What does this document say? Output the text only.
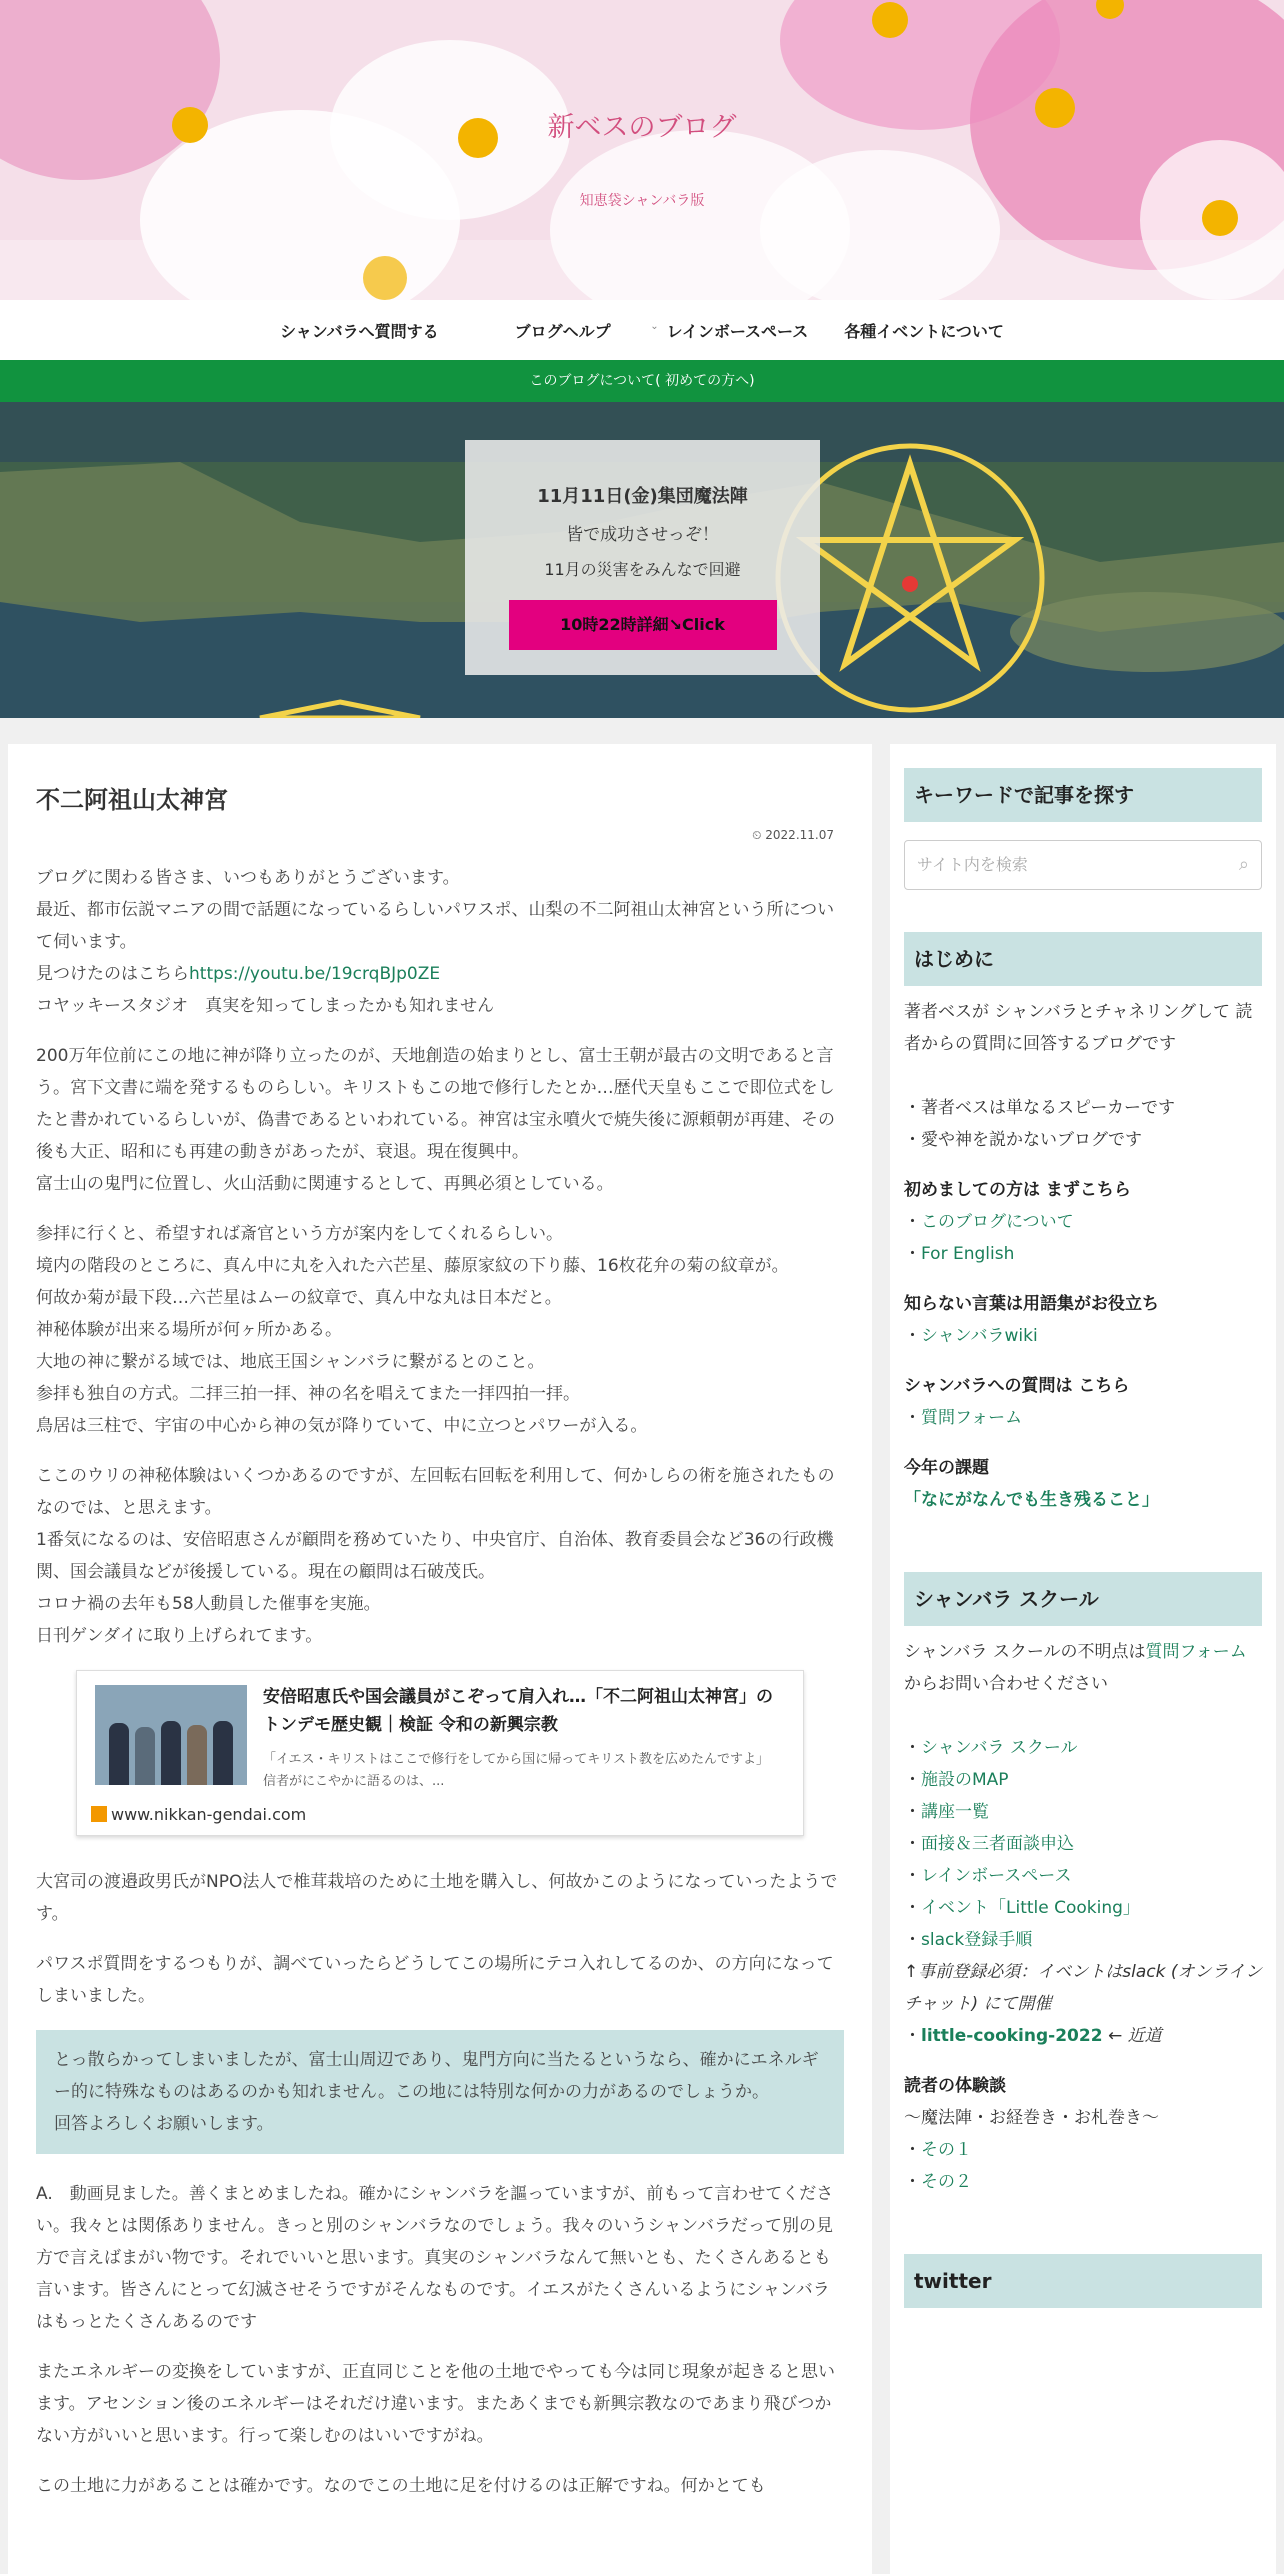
新ベスのブログ
知恵袋シャンバラ版
シャンバラへ質問する	ブログヘルプ	⌄ レインボースペース	各種イベントについて
このブログについて( 初めての方へ)
11月11日(金)集団魔法陣
皆で成功させっぞ！
11月の災害をみんなで回避
10時22時詳細↘Click
不二阿祖山太神宮
⏲ 2022.11.07

ブログに関わる皆さま、いつもありがとうございます。
最近、都市伝説マニアの間で話題になっているらしいパワスポ、山梨の不二阿祖山太神宮という所について伺います。
見つけたのはこちらhttps://youtu.be/19crqBJp0ZE
コヤッキースタジオ　真実を知ってしまったかも知れません

200万年位前にこの地に神が降り立ったのが、天地創造の始まりとし、富士王朝が最古の文明であると言う。宮下文書に端を発するものらしい。キリストもこの地で修行したとか…歴代天皇もここで即位式をしたと書かれているらしいが、偽書であるといわれている。神宮は宝永噴火で焼失後に源頼朝が再建、その後も大正、昭和にも再建の動きがあったが、衰退。現在復興中。
富士山の鬼門に位置し、火山活動に関連するとして、再興必須としている。

参拝に行くと、希望すれば斎官という方が案内をしてくれるらしい。
境内の階段のところに、真ん中に丸を入れた六芒星、藤原家紋の下り藤、16枚花弁の菊の紋章が。
何故か菊が最下段…六芒星はムーの紋章で、真ん中な丸は日本だと。
神秘体験が出来る場所が何ヶ所かある。
大地の神に繋がる域では、地底王国シャンバラに繋がるとのこと。
参拝も独自の方式。二拝三拍一拝、神の名を唱えてまた一拝四拍一拝。
鳥居は三柱で、宇宙の中心から神の気が降りていて、中に立つとパワーが入る。

ここのウリの神秘体験はいくつかあるのですが、左回転右回転を利用して、何かしらの術を施されたものなのでは、と思えます。
1番気になるのは、安倍昭恵さんが顧問を務めていたり、中央官庁、自治体、教育委員会など36の行政機関、国会議員などが後援している。現在の顧問は石破茂氏。
コロナ禍の去年も58人動員した催事を実施。
日刊ゲンダイに取り上げられてます。

安倍昭恵氏や国会議員がこぞって肩入れ…「不二阿祖山太神宮」のトンデモ歴史観｜検証 令和の新興宗教
「イエス・キリストはここで修行をしてから国に帰ってキリスト教を広めたんですよ」　信者がにこやかに語るのは、...
www.nikkan-gendai.com

大宮司の渡邉政男氏がNPO法人で椎茸栽培のために土地を購入し、何故かこのようになっていったようです。

パワスポ質問をするつもりが、調べていったらどうしてこの場所にテコ入れしてるのか、の方向になってしまいました。

とっ散らかってしまいましたが、富士山周辺であり、鬼門方向に当たるというなら、確かにエネルギー的に特殊なものはあるのかも知れません。この地には特別な何かの力があるのでしょうか。
回答よろしくお願いします。

A.　動画見ました。善くまとめましたね。確かにシャンバラを謳っていますが、前もって言わせてください。我々とは関係ありません。きっと別のシャンバラなのでしょう。我々のいうシャンバラだって別の見方で言えばまがい物です。それでいいと思います。真実のシャンバラなんて無いとも、たくさんあるとも言います。皆さんにとって幻滅させそうですがそんなものです。イエスがたくさんいるようにシャンバラはもっとたくさんあるのです

またエネルギーの変換をしていますが、正直同じことを他の土地でやっても今は同じ現象が起きると思います。アセンション後のエネルギーはそれだけ違います。またあくまでも新興宗教なのであまり飛びつかない方がいいと思います。行って楽しむのはいいですがね。

この土地に力があることは確かです。なのでこの土地に足を付けるのは正解ですね。何かとても

キーワードで記事を探す
サイト内を検索	⌕
はじめに
著者ベスが シャンバラとチャネリングして 読者からの質問に回答するブログです
・著者ベスは単なるスピーカーです
・愛や神を説かないブログです
初めましての方は まずこちら
・このブログについて
・For English
知らない言葉は用語集がお役立ち
・シャンバラwiki
シャンバラへの質問は こちら
・質問フォーム
今年の課題
「なにがなんでも生き残ること」
シャンバラ スクール
シャンバラ スクールの不明点は質問フォームからお問い合わせください
・シャンバラ スクール
・施設のMAP
・講座一覧
・面接＆三者面談申込
・レインボースペース
・イベント「Little Cooking」
・slack登録手順
↑事前登録必須：イベントはslack (オンラインチャット) にて開催
・little-cooking-2022 ← 近道
読者の体験談
〜魔法陣・お経巻き・お札巻き〜
・その１
・その２
twitter
